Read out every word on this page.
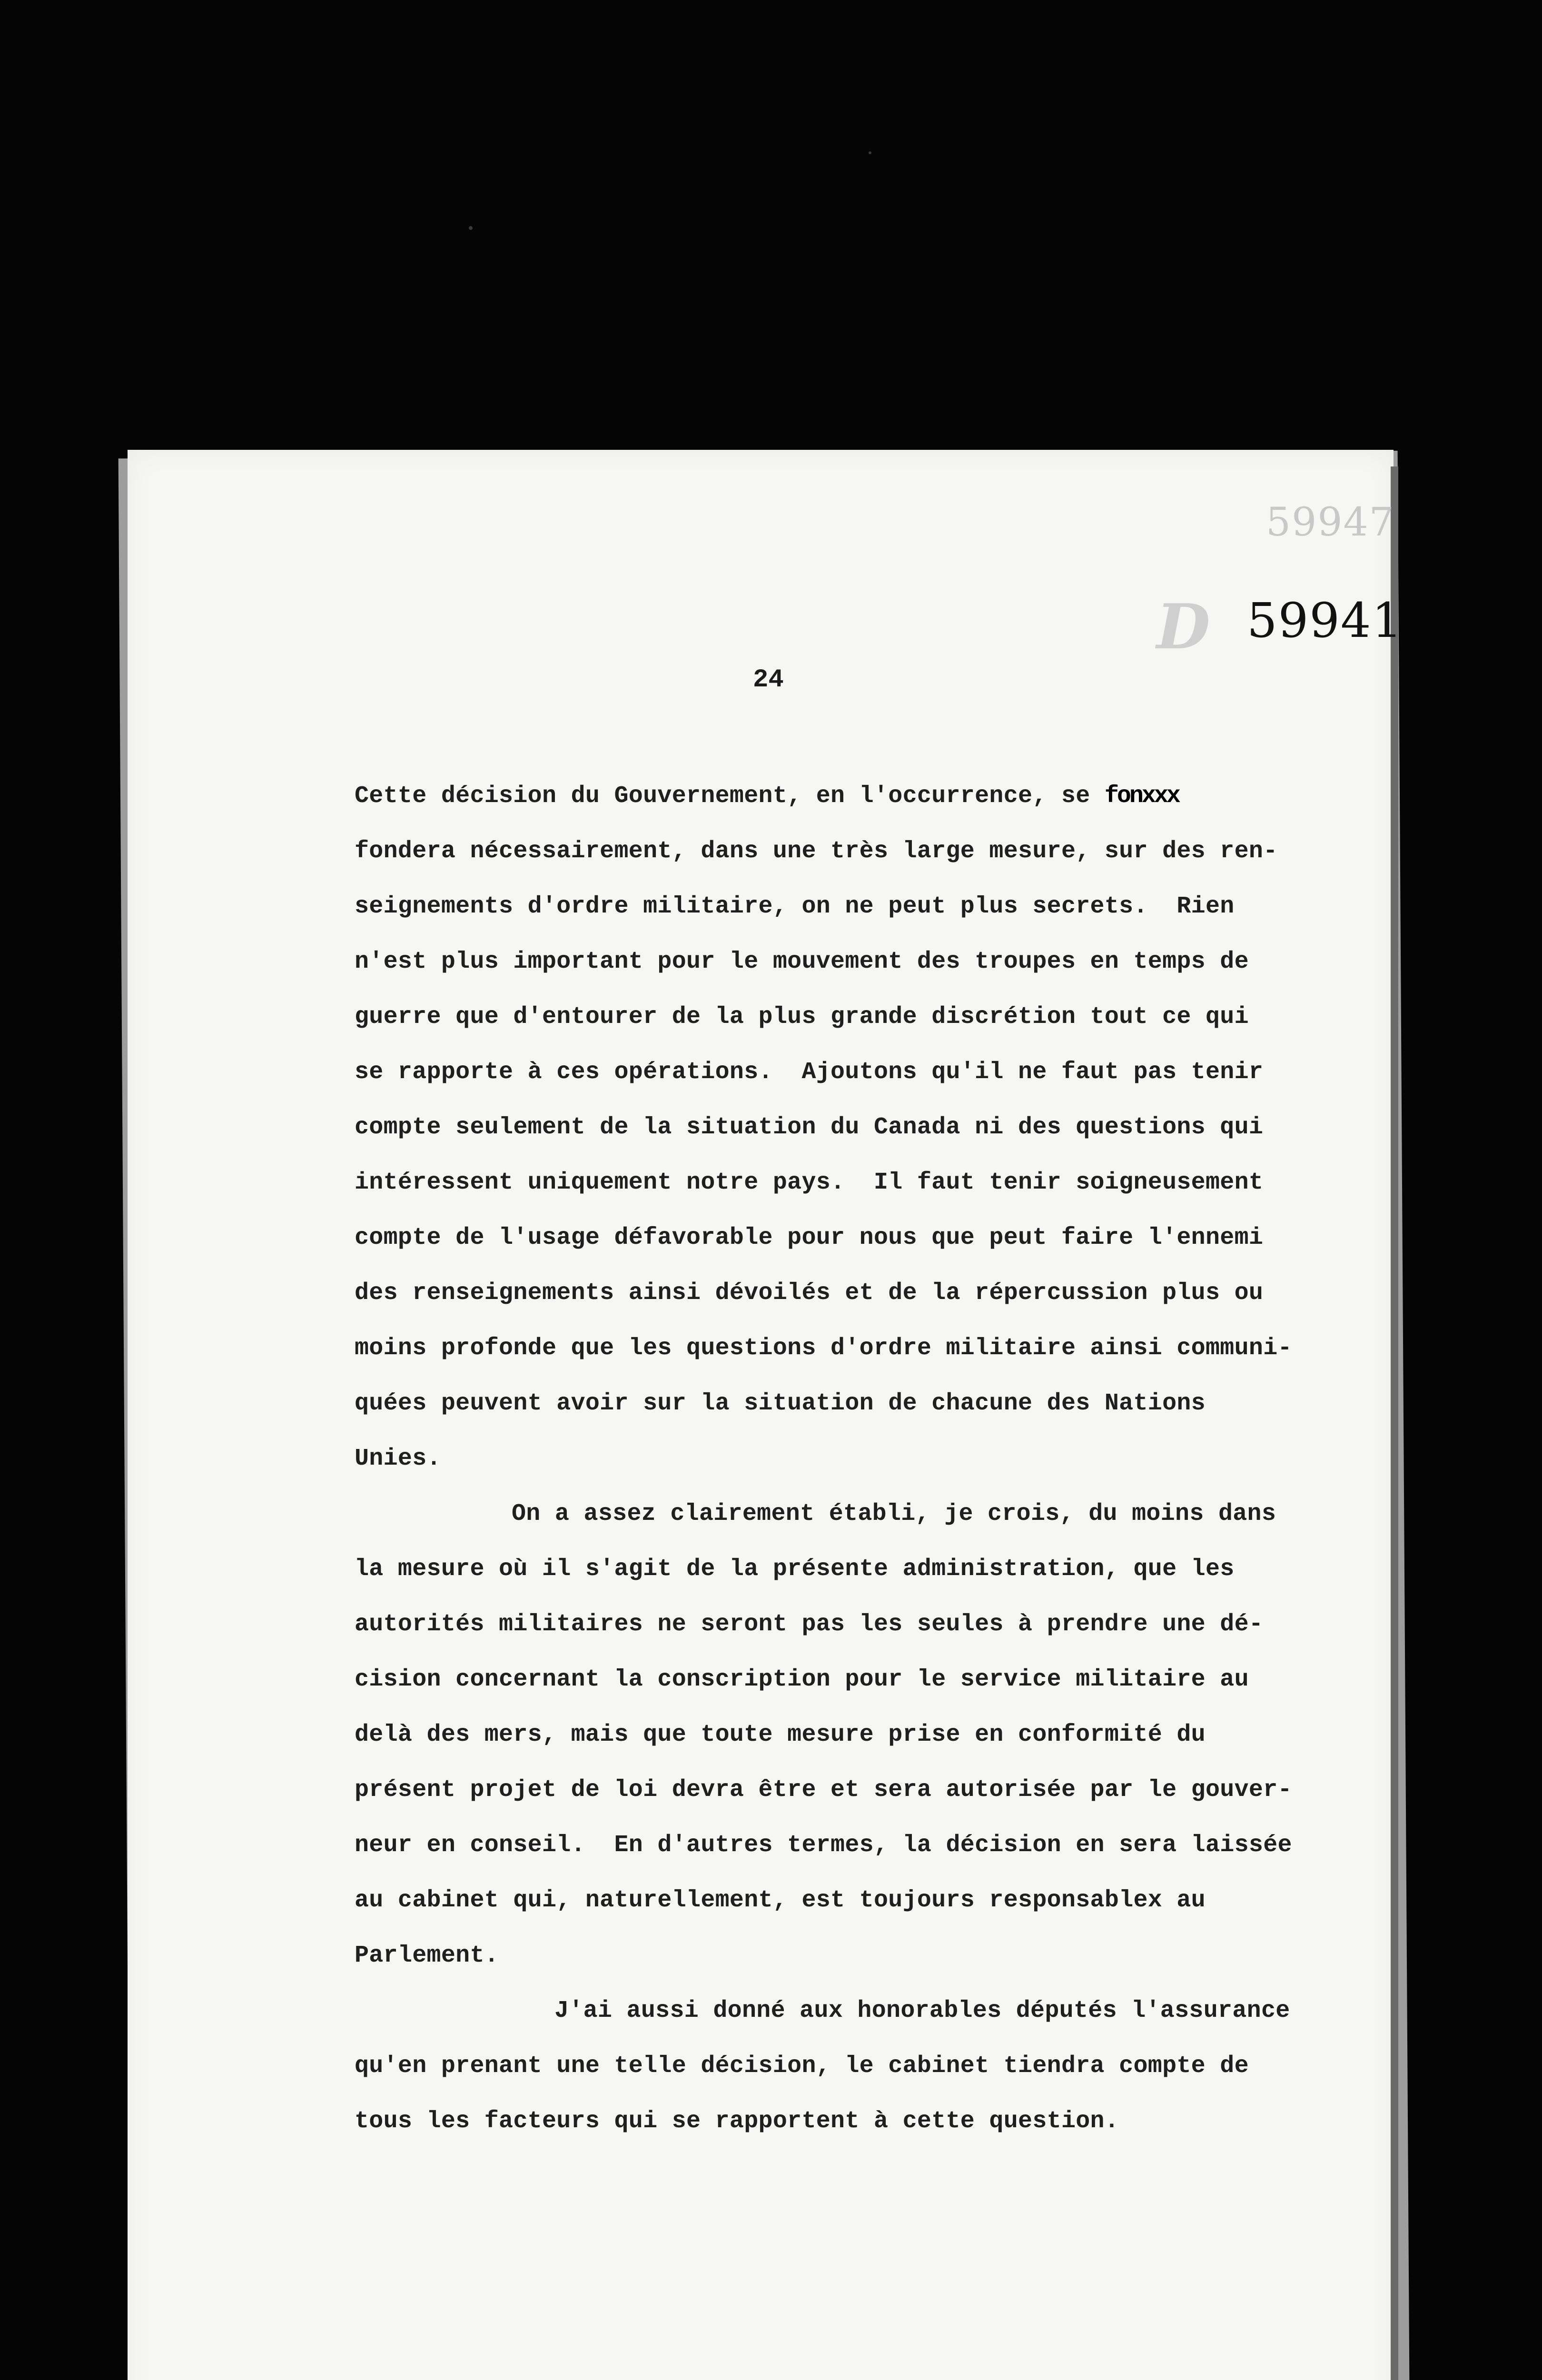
59947
D 59941
24
Cette décision du Gouvernement, en l'occurrence, se fonxxx
fondera nécessairement, dans une très large mesure, sur des ren-
seignements d'ordre militaire, on ne peut plus secrets.  Rien
n'est plus important pour le mouvement des troupes en temps de
guerre que d'entourer de la plus grande discrétion tout ce qui
se rapporte à ces opérations.  Ajoutons qu'il ne faut pas tenir
compte seulement de la situation du Canada ni des questions qui
intéressent uniquement notre pays.  Il faut tenir soigneusement
compte de l'usage défavorable pour nous que peut faire l'ennemi
des renseignements ainsi dévoilés et de la répercussion plus ou
moins profonde que les questions d'ordre militaire ainsi communi-
quées peuvent avoir sur la situation de chacune des Nations
Unies.
On a assez clairement établi, je crois, du moins dans
la mesure où il s'agit de la présente administration, que les
autorités militaires ne seront pas les seules à prendre une dé-
cision concernant la conscription pour le service militaire au
delà des mers, mais que toute mesure prise en conformité du
présent projet de loi devra être et sera autorisée par le gouver-
neur en conseil.  En d'autres termes, la décision en sera laissée
au cabinet qui, naturellement, est toujours responsablex au
Parlement.
J'ai aussi donné aux honorables députés l'assurance
qu'en prenant une telle décision, le cabinet tiendra compte de
tous les facteurs qui se rapportent à cette question.
